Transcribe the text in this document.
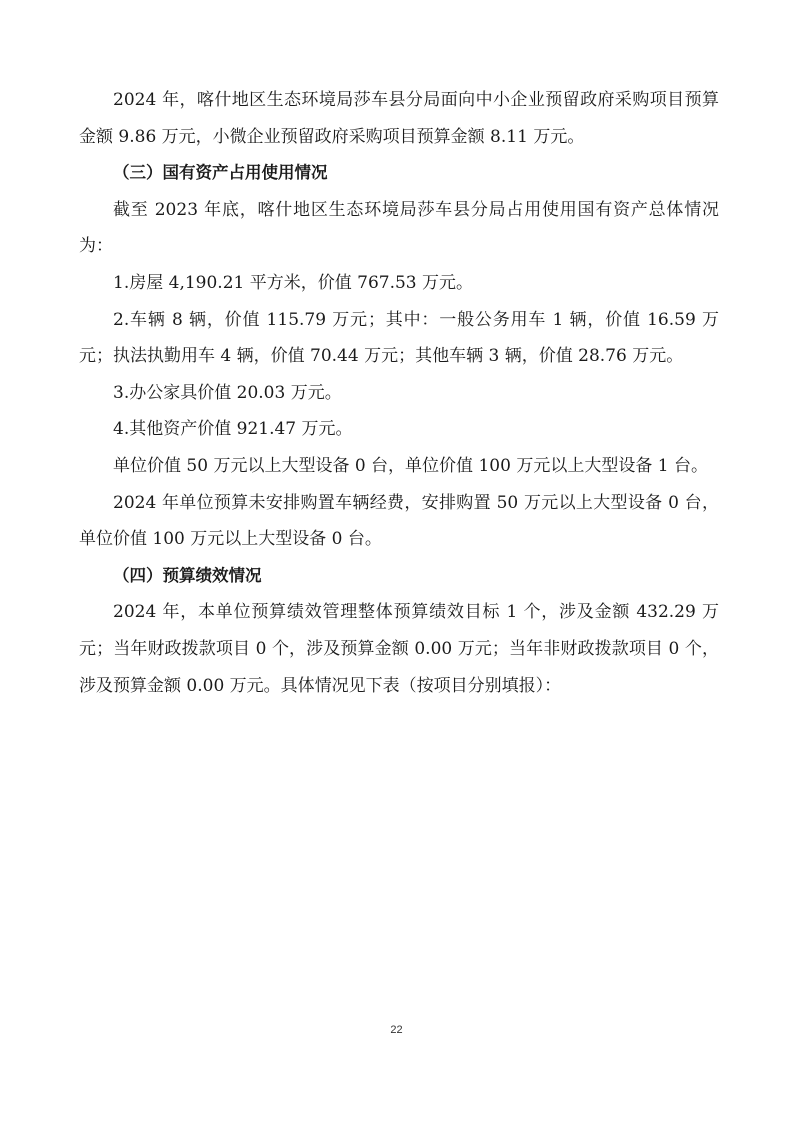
2024 年，喀什地区生态环境局莎车县分局面向中小企业预留政府采购项目预算金额 9.86 万元，小微企业预留政府采购项目预算金额 8.11 万元。

（三）国有资产占用使用情况

截至 2023 年底，喀什地区生态环境局莎车县分局占用使用国有资产总体情况为：

1.房屋 4,190.21 平方米，价值 767.53 万元。

2.车辆 8 辆，价值 115.79 万元；其中：一般公务用车 1 辆，价值 16.59 万元；执法执勤用车 4 辆，价值 70.44 万元；其他车辆 3 辆，价值 28.76 万元。

3.办公家具价值 20.03 万元。

4.其他资产价值 921.47 万元。

单位价值 50 万元以上大型设备 0 台，单位价值 100 万元以上大型设备 1 台。

2024 年单位预算未安排购置车辆经费，安排购置 50 万元以上大型设备 0 台，单位价值 100 万元以上大型设备 0 台。

（四）预算绩效情况

2024 年，本单位预算绩效管理整体预算绩效目标 1 个，涉及金额 432.29 万元；当年财政拨款项目 0 个，涉及预算金额 0.00 万元；当年非财政拨款项目 0 个，涉及预算金额 0.00 万元。具体情况见下表（按项目分别填报）：

22
